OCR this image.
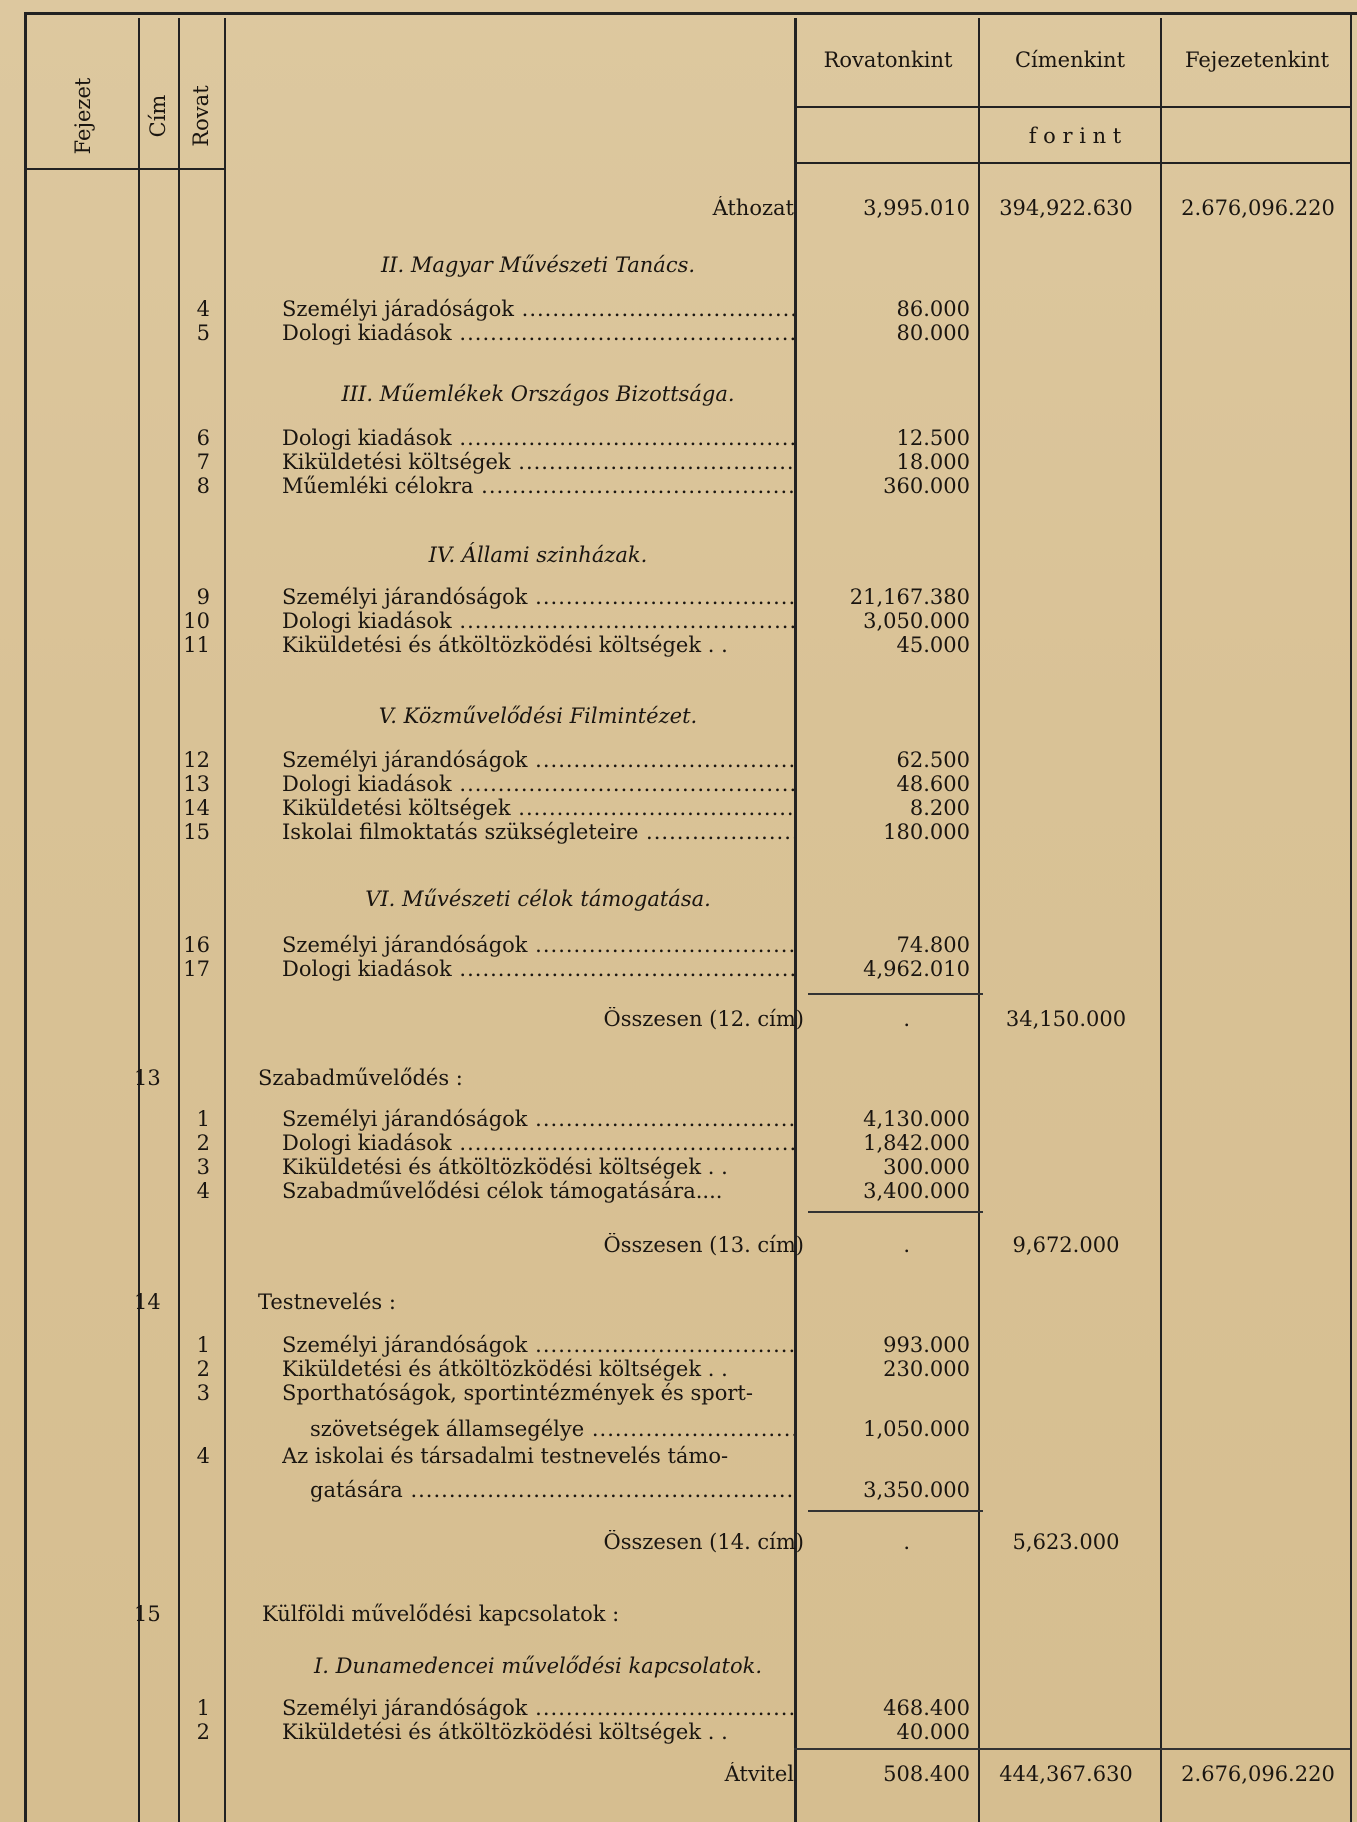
Fejezet Cím Rovat
Rovatonkint	Címenkint	Fejezetenkint
f o r i n t
Áthozat	3,995.010	394,922.630	2.676,096.220
II. Magyar Művészeti Tanács.
4	Személyi járadóságok .....	86.000
5	Dologi kiadások .....	80.000
III. Műemlékek Országos Bizottsága.
6	Dologi kiadások .....	12.500
7	Kiküldetési költségek .....	18.000
8	Műemléki célokra .....	360.000
IV. Állami szinházak.
9	Személyi járandóságok .....	21,167.380
10	Dologi kiadások .....	3,050.000
11	Kiküldetési és átköltözködési költségek . .	45.000
V. Közművelődési Filmintézet.
12	Személyi járandóságok .....	62.500
13	Dologi kiadások .....	48.600
14	Kiküldetési költségek .....	8.200
15	Iskolai filmoktatás szükségleteire .....	180.000
VI. Művészeti célok támogatása.
16	Személyi járandóságok .....	74.800
17	Dologi kiadások .....	4,962.010
Összesen (12. cím)	.	34,150.000
13	Szabadművelődés :
1	Személyi járandóságok .....	4,130.000
2	Dologi kiadások .....	1,842.000
3	Kiküldetési és átköltözködési költségek . .	300.000
4	Szabadművelődési célok támogatására....	3,400.000
Összesen (13. cím)	.	9,672.000
14	Testnevelés :
1	Személyi járandóságok .....	993.000
2	Kiküldetési és átköltözködési költségek . .	230.000
3	Sporthatóságok, sportintézmények és sport-
szövetségek államsegélye .....	1,050.000
4	Az iskolai és társadalmi testnevelés támo-
gatására .....	3,350.000
Összesen (14. cím)	.	5,623.000
15	Külföldi művelődési kapcsolatok :
I. Dunamedencei művelődési kapcsolatok.
1	Személyi járandóságok .....	468.400
2	Kiküldetési és átköltözködési költségek . .	40.000
Átvitel	508.400	444,367.630	2.676,096.220
